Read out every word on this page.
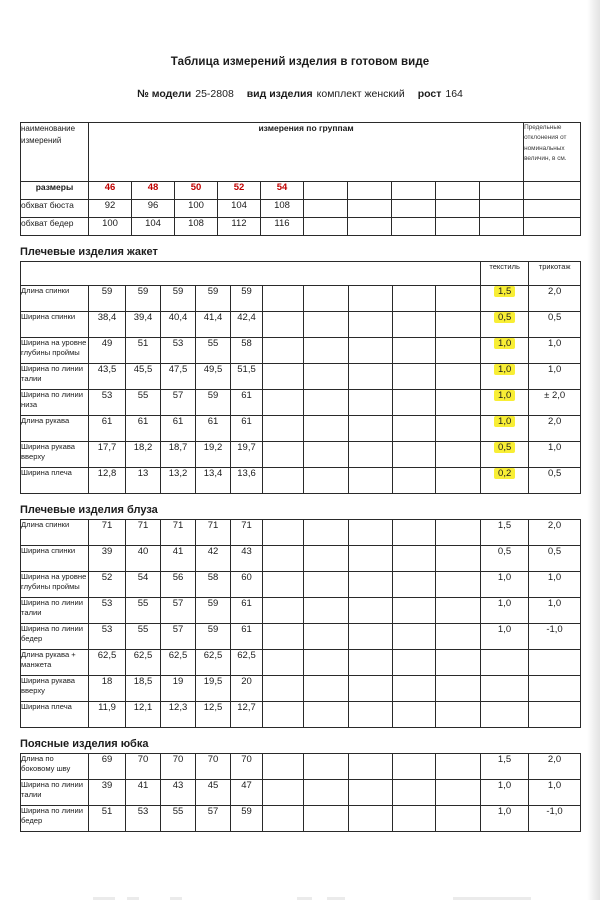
Таблица измерений изделия в готовом виде
№ модели 25-2808 вид изделия комплект женский рост 164
наименование измерений	измерения по группам										Предельные отклонения от номинальных величин, в см.
размеры	46	48	50	52	54						
обхват бюста	92	96	100	104	108						
обхват бедер	100	104	108	112	116						
Плечевые изделия жакет
											текстиль	трикотаж
Длина спинки	59	59	59	59	59						1,5	2,0
Ширина спинки	38,4	39,4	40,4	41,4	42,4						0,5	0,5
Ширина на уровне глубины проймы	49	51	53	55	58						1,0	1,0
Ширина по линии талии	43,5	45,5	47,5	49,5	51,5						1,0	1,0
Ширина по линии низа	53	55	57	59	61						1,0	± 2,0
Длина рукава	61	61	61	61	61						1,0	2,0
Ширина рукава вверху	17,7	18,2	18,7	19,2	19,7						0,5	1,0
Ширина плеча	12,8	13	13,2	13,4	13,6						0,2	0,5
Плечевые изделия блуза
Длина спинки	71	71	71	71	71						1,5	2,0
Ширина спинки	39	40	41	42	43						0,5	0,5
Ширина на уровне глубины проймы	52	54	56	58	60						1,0	1,0
Ширина по линии талии	53	55	57	59	61						1,0	1,0
Ширина по линии бедер	53	55	57	59	61						1,0	-1,0
Длина рукава + манжета	62,5	62,5	62,5	62,5	62,5							
Ширина рукава вверху	18	18,5	19	19,5	20							
Ширина плеча	11,9	12,1	12,3	12,5	12,7							
Поясные изделия юбка
Длина по боковому шву	69	70	70	70	70						1,5	2,0
Ширина по линии талии	39	41	43	45	47						1,0	1,0
Ширина по линии бедер	51	53	55	57	59						1,0	-1,0
